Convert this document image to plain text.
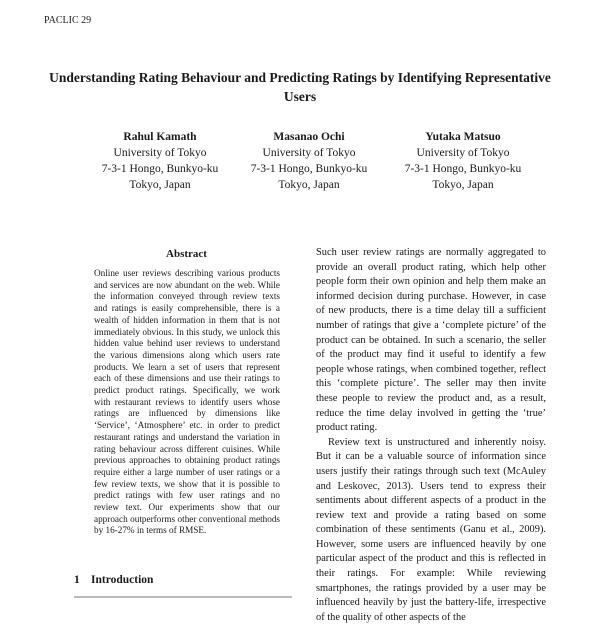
PACLIC 29
Understanding Rating Behaviour and Predicting Ratings by Identifying Representative Users
Rahul Kamath
University of Tokyo
7-3-1 Hongo, Bunkyo-ku
Tokyo, Japan
Masanao Ochi
University of Tokyo
7-3-1 Hongo, Bunkyo-ku
Tokyo, Japan
Yutaka Matsuo
University of Tokyo
7-3-1 Hongo, Bunkyo-ku
Tokyo, Japan
Abstract
Online user reviews describing various products and services are now abundant on the web. While the information conveyed through review texts and ratings is easily comprehensible, there is a wealth of hidden information in them that is not immediately obvious. In this study, we unlock this hidden value behind user reviews to understand the various dimensions along which users rate products. We learn a set of users that represent each of these dimensions and use their ratings to predict product ratings. Specifically, we work with restaurant reviews to identify users whose ratings are influenced by dimensions like ‘Service’, ‘Atmosphere’ etc. in order to predict restaurant ratings and understand the variation in rating behaviour across different cuisines. While previous approaches to obtaining product ratings require either a large number of user ratings or a few review texts, we show that it is possible to predict ratings with few user ratings and no review text. Our experiments show that our approach outperforms other conventional methods by 16-27% in terms of RMSE.
1 Introduction

Such user review ratings are normally aggregated to provide an overall product rating, which help other people form their own opinion and help them make an informed decision during purchase. However, in case of new products, there is a time delay till a sufficient number of ratings that give a ‘complete picture’ of the product can be obtained. In such a scenario, the seller of the product may find it useful to identify a few people whose ratings, when combined together, reflect this ‘complete picture’. The seller may then invite these people to review the product and, as a result, reduce the time delay involved in getting the ‘true’ product rating.

Review text is unstructured and inherently noisy. But it can be a valuable source of information since users justify their ratings through such text (McAuley and Leskovec, 2013). Users tend to express their sentiments about different aspects of a product in the review text and provide a rating based on some combination of these sentiments (Ganu et al., 2009). However, some users are influenced heavily by one particular aspect of the product and this is reflected in their ratings. For example: While reviewing smartphones, the ratings provided by a user may be influenced heavily by just the battery-life, irrespective of the quality of other aspects of the
